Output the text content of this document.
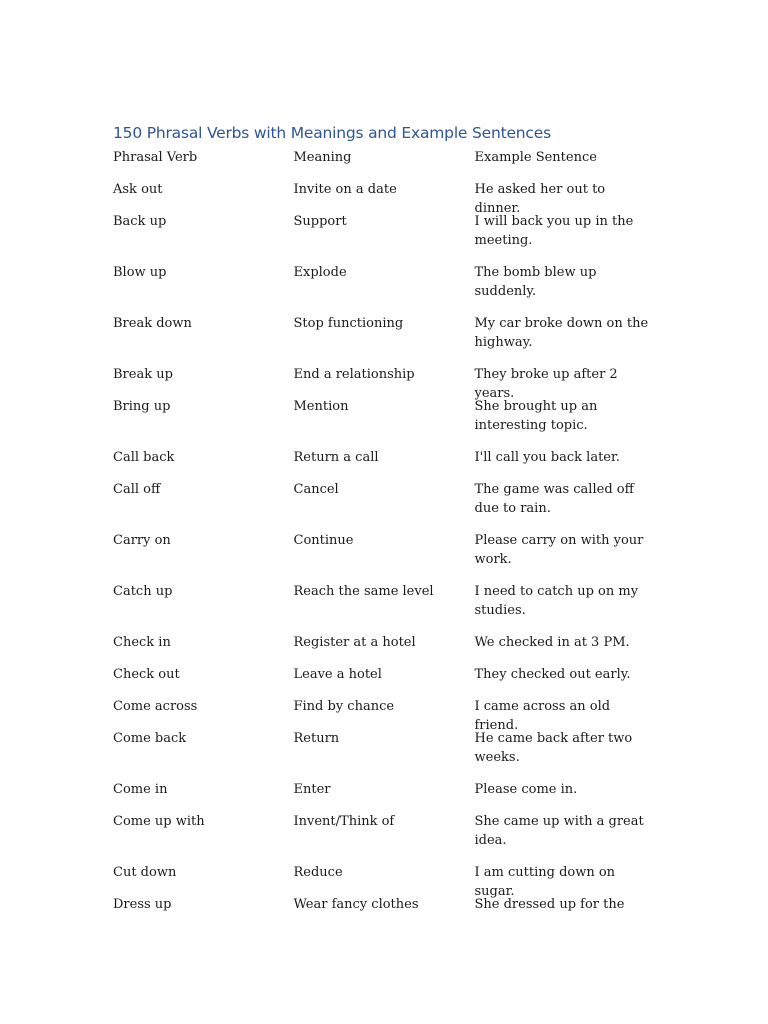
150 Phrasal Verbs with Meanings and Example Sentences
Phrasal Verb	Meaning	Example Sentence
Ask out	Invite on a date	He asked her out to dinner.
Back up	Support	I will back you up in the meeting.
Blow up	Explode	The bomb blew up suddenly.
Break down	Stop functioning	My car broke down on the highway.
Break up	End a relationship	They broke up after 2 years.
Bring up	Mention	She brought up an interesting topic.
Call back	Return a call	I'll call you back later.
Call off	Cancel	The game was called off due to rain.
Carry on	Continue	Please carry on with your work.
Catch up	Reach the same level	I need to catch up on my studies.
Check in	Register at a hotel	We checked in at 3 PM.
Check out	Leave a hotel	They checked out early.
Come across	Find by chance	I came across an old friend.
Come back	Return	He came back after two weeks.
Come in	Enter	Please come in.
Come up with	Invent/Think of	She came up with a great idea.
Cut down	Reduce	I am cutting down on sugar.
Dress up	Wear fancy clothes	She dressed up for the
